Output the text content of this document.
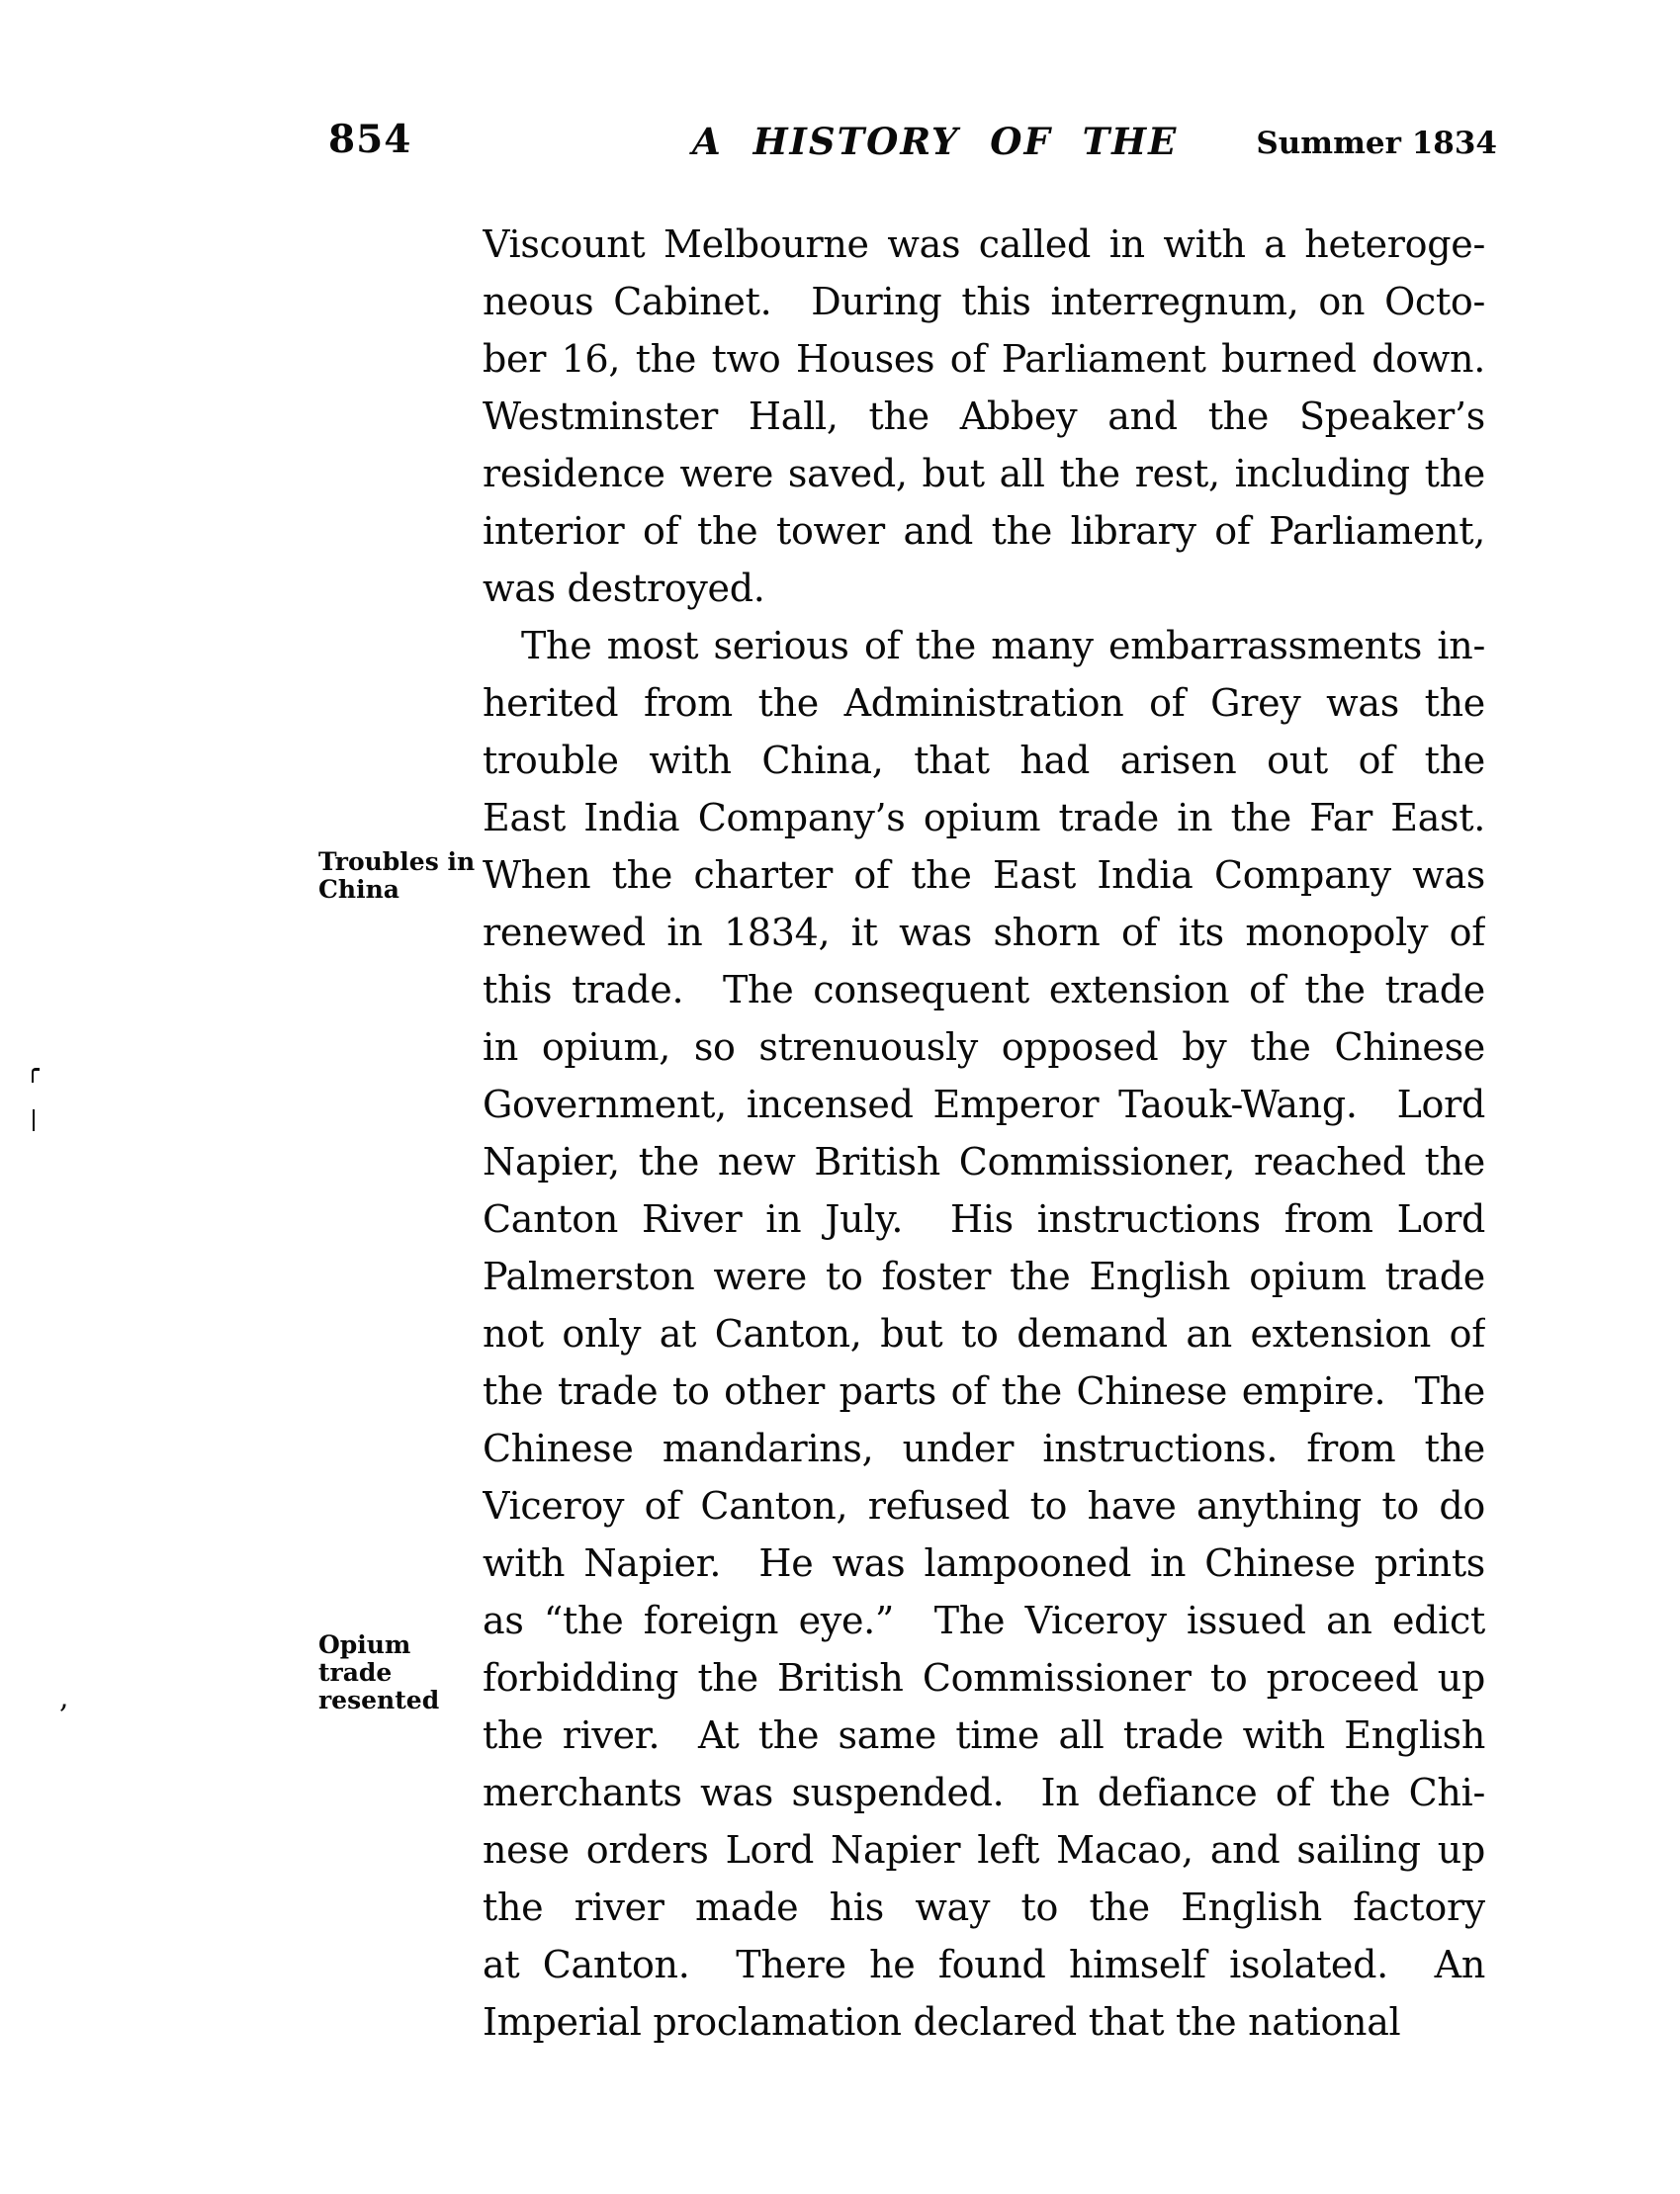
854	A HISTORY OF THE	Summer 1834
Troubles in
China
Opium
trade
resented
Viscount Melbourne was called in with a heteroge-
neous Cabinet.  During this interregnum, on Octo-
ber 16, the two Houses of Parliament burned down.
Westminster Hall, the Abbey and the Speaker’s
residence were saved, but all the rest, including the
interior of the tower and the library of Parliament,
was destroyed.
The most serious of the many embarrassments in-
herited from the Administration of Grey was the
trouble with China, that had arisen out of the
East India Company’s opium trade in the Far East.
When the charter of the East India Company was
renewed in 1834, it was shorn of its monopoly of
this trade.  The consequent extension of the trade
in opium, so strenuously opposed by the Chinese
Government, incensed Emperor Taouk-Wang.  Lord
Napier, the new British Commissioner, reached the
Canton River in July.  His instructions from Lord
Palmerston were to foster the English opium trade
not only at Canton, but to demand an extension of
the trade to other parts of the Chinese empire.  The
Chinese mandarins, under instructions. from the
Viceroy of Canton, refused to have anything to do
with Napier.  He was lampooned in Chinese prints
as “the foreign eye.”  The Viceroy issued an edict
forbidding the British Commissioner to proceed up
the river.  At the same time all trade with English
merchants was suspended.  In defiance of the Chi-
nese orders Lord Napier left Macao, and sailing up
the river made his way to the English factory
at Canton.  There he found himself isolated.  An
Imperial proclamation declared that the national
,
